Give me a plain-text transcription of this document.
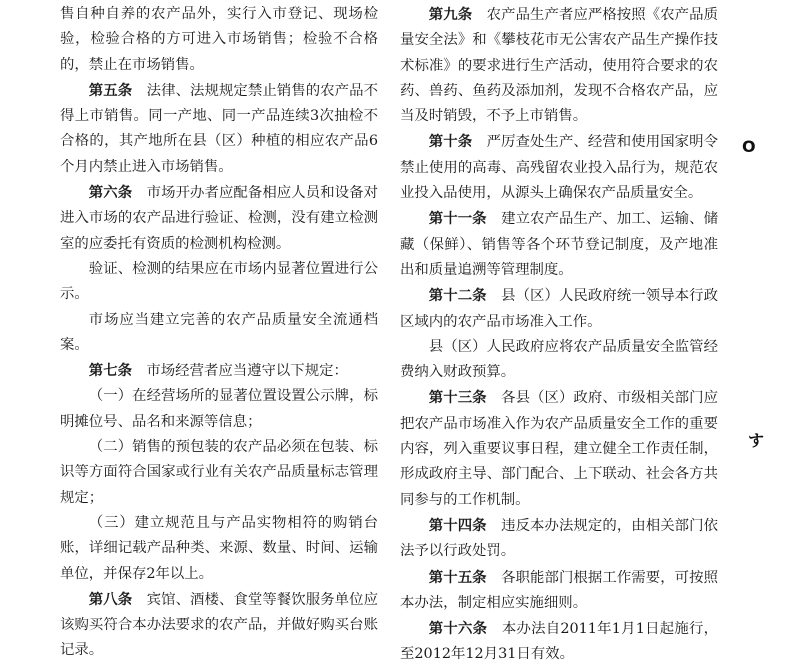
售自种自养的农产品外，实行入市登记、现场检验，检验合格的方可进入市场销售；检验不合格的，禁止在市场销售。

第五条　 法律、法规规定禁止销售的农产品不得上市销售。同一产地、同一产品连续3次抽检不合格的，其产地所在县（区）种植的相应农产品6个月内禁止进入市场销售。

第六条　 市场开办者应配备相应人员和设备对进入市场的农产品进行验证、检测，没有建立检测室的应委托有资质的检测机构检测。

验证、检测的结果应在市场内显著位置进行公示。

市场应当建立完善的农产品质量安全流通档案。

第七条　 市场经营者应当遵守以下规定：

（一）在经营场所的显著位置设置公示牌，标明摊位号、品名和来源等信息；

（二）销售的预包装的农产品必须在包装、标识等方面符合国家或行业有关农产品质量标志管理规定；

（三）建立规范且与产品实物相符的购销台账，详细记载产品种类、来源、数量、时间、运输单位，并保存2年以上。

第八条　 宾馆、酒楼、食堂等餐饮服务单位应该购买符合本办法要求的农产品，并做好购买台账记录。

第九条　 农产品生产者应严格按照《农产品质量安全法》和《攀枝花市无公害农产品生产操作技术标准》的要求进行生产活动，使用符合要求的农药、兽药、鱼药及添加剂，发现不合格农产品，应当及时销毁，不予上市销售。

第十条　 严厉查处生产、经营和使用国家明令禁止使用的高毒、高残留农业投入品行为，规范农业投入品使用，从源头上确保农产品质量安全。

第十一条　 建立农产品生产、加工、运输、储藏（保鲜）、销售等各个环节登记制度，及产地准出和质量追溯等管理制度。

第十二条　 县（区）人民政府统一领导本行政区域内的农产品市场准入工作。

县（区）人民政府应将农产品质量安全监管经费纳入财政预算。

第十三条　 各县（区）政府、市级相关部门应把农产品市场准入作为农产品质量安全工作的重要内容，列入重要议事日程，建立健全工作责任制，形成政府主导、部门配合、上下联动、社会各方共同参与的工作机制。

第十四条　 违反本办法规定的，由相关部门依法予以行政处罚。

第十五条　 各职能部门根据工作需要，可按照本办法，制定相应实施细则。

第十六条　 本办法自2011年1月1日起施行，至2012年12月31日有效。

O
す
